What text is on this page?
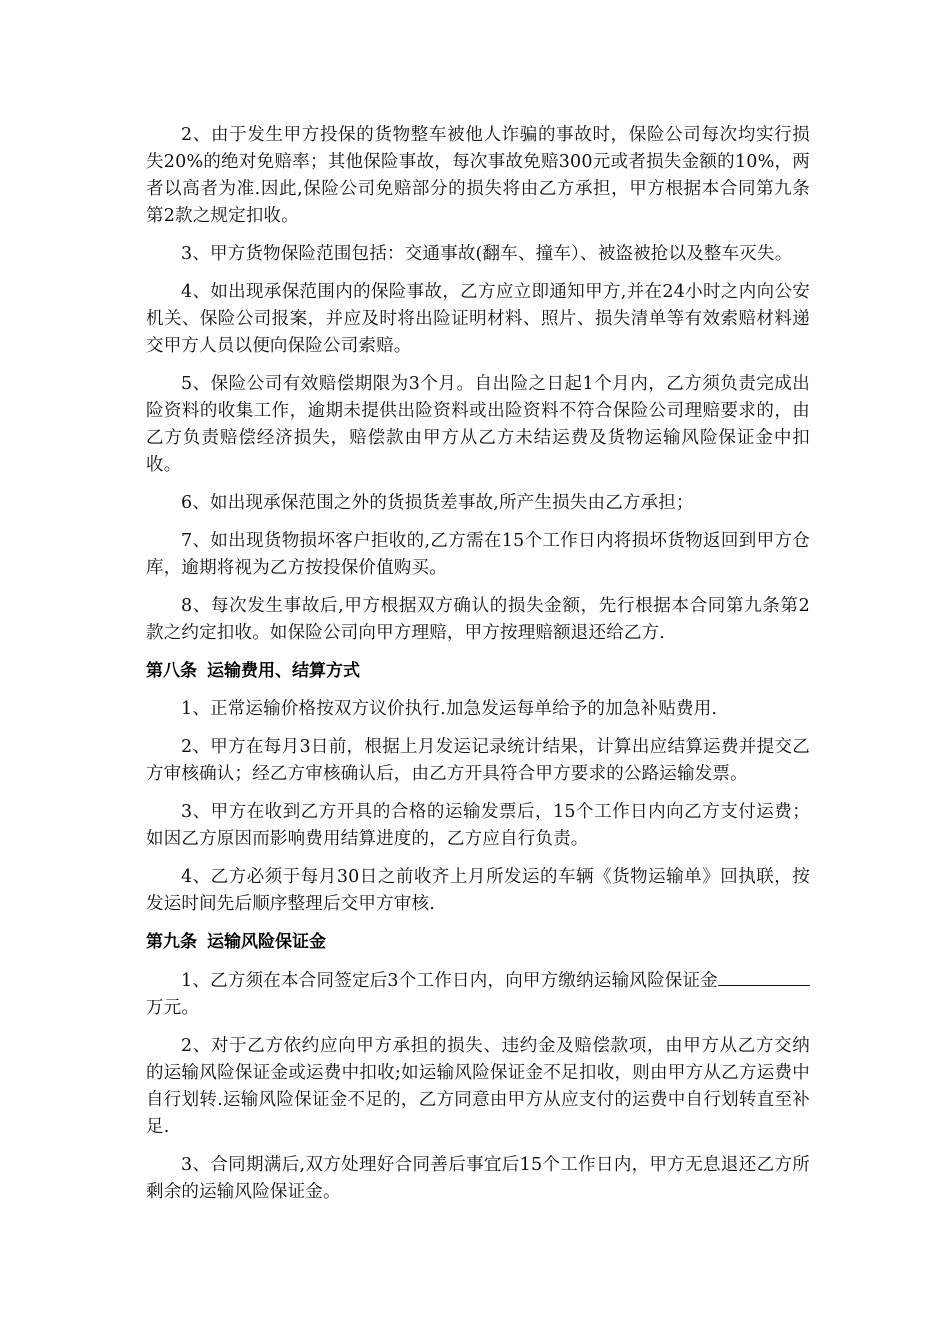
2、由于发生甲方投保的货物整车被他人诈骗的事故时，保险公司每次均实行损失20%的绝对免赔率；其他保险事故，每次事故免赔300元或者损失金额的10%，两者以高者为准.因此,保险公司免赔部分的损失将由乙方承担，甲方根据本合同第九条第2款之规定扣收。

3、甲方货物保险范围包括：交通事故(翻车、撞车）、被盗被抢以及整车灭失。

4、如出现承保范围内的保险事故，乙方应立即通知甲方,并在24小时之内向公安机关、保险公司报案，并应及时将出险证明材料、照片、损失清单等有效索赔材料递交甲方人员以便向保险公司索赔。

5、保险公司有效赔偿期限为3个月。自出险之日起1个月内，乙方须负责完成出险资料的收集工作，逾期未提供出险资料或出险资料不符合保险公司理赔要求的，由乙方负责赔偿经济损失，赔偿款由甲方从乙方未结运费及货物运输风险保证金中扣收。

6、如出现承保范围之外的货损货差事故,所产生损失由乙方承担；

7、如出现货物损坏客户拒收的,乙方需在15个工作日内将损坏货物返回到甲方仓库，逾期将视为乙方按投保价值购买。

8、每次发生事故后,甲方根据双方确认的损失金额，先行根据本合同第九条第2款之约定扣收。如保险公司向甲方理赔，甲方按理赔额退还给乙方.

第八条 运输费用、结算方式

1、正常运输价格按双方议价执行.加急发运每单给予的加急补贴费用.

2、甲方在每月3日前，根据上月发运记录统计结果，计算出应结算运费并提交乙方审核确认；经乙方审核确认后，由乙方开具符合甲方要求的公路运输发票。

3、甲方在收到乙方开具的合格的运输发票后，15个工作日内向乙方支付运费；如因乙方原因而影响费用结算进度的，乙方应自行负责。

4、乙方必须于每月30日之前收齐上月所发运的车辆《货物运输单》回执联，按发运时间先后顺序整理后交甲方审核.

第九条 运输风险保证金

1、乙方须在本合同签定后3个工作日内，向甲方缴纳运输风险保证金万元。

2、对于乙方依约应向甲方承担的损失、违约金及赔偿款项，由甲方从乙方交纳的运输风险保证金或运费中扣收;如运输风险保证金不足扣收，则由甲方从乙方运费中自行划转.运输风险保证金不足的，乙方同意由甲方从应支付的运费中自行划转直至补足.

3、合同期满后,双方处理好合同善后事宜后15个工作日内，甲方无息退还乙方所剩余的运输风险保证金。
